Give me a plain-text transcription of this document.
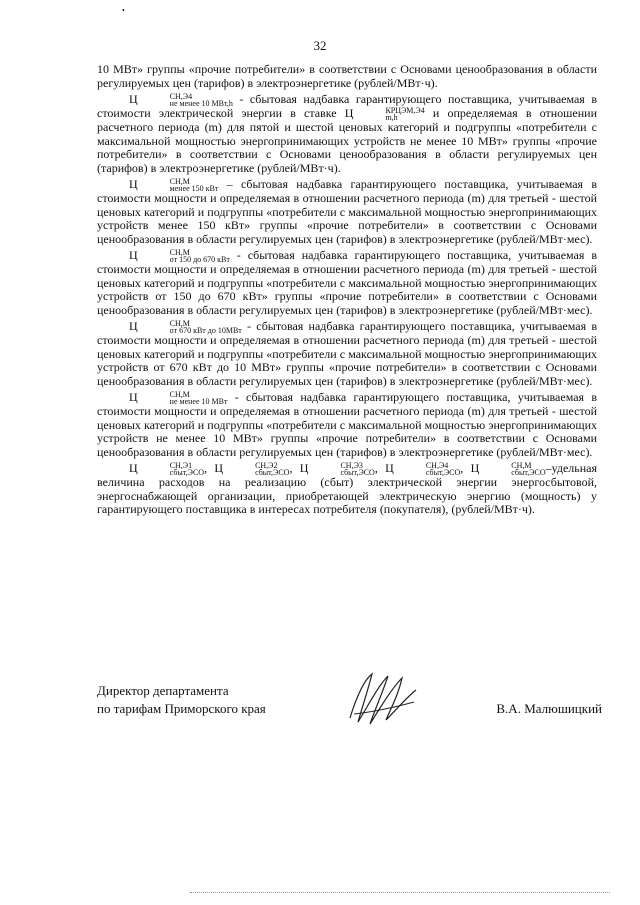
•
32

10 МВт» группы «прочие потребители» в соответствии с Основами ценообразования в области регулируемых цен (тарифов) в электроэнергетике (рублей/МВт·ч).

Ц	СН,Э4
не менее 10 МВт,h - сбытовая надбавка гарантирующего поставщика, учитываемая в стоимости электрической энергии в ставке Ц	КРЦЭМ,Э4
m,h	и определяемая в отношении расчетного периода (m) для пятой и шестой ценовых категорий и подгруппы «потребители с максимальной мощностью энергопринимающих устройств не менее 10 МВт» группы «прочие потребители» в соответствии с Основами ценообразования в области регулируемых цен (тарифов) в электроэнергетике (рублей/МВт·ч).

Ц	СН,М
менее 150 кВт – сбытовая надбавка гарантирующего поставщика, учитываемая в стоимости мощности и определяемая в отношении расчетного периода (m) для третьей - шестой ценовых категорий и подгруппы «потребители с максимальной мощностью энергопринимающих устройств менее 150 кВт» группы «прочие потребители» в соответствии с Основами ценообразования в области регулируемых цен (тарифов) в электроэнергетике (рублей/МВт·мес).

Ц	СН,М
от 150 до 670 кВт - сбытовая надбавка гарантирующего поставщика, учитываемая в стоимости мощности и определяемая в отношении расчетного периода (m) для третьей - шестой ценовых категорий и подгруппы «потребители с максимальной мощностью энергопринимающих устройств от 150 до 670 кВт» группы «прочие потребители» в соответствии с Основами ценообразования в области регулируемых цен (тарифов) в электроэнергетике (рублей/МВт·мес).

Ц	СН,М
от 670 кВт до 10МВт - сбытовая надбавка гарантирующего поставщика, учитываемая в стоимости мощности и определяемая в отношении расчетного периода (m) для третьей - шестой ценовых категорий и подгруппы «потребители с максимальной мощностью энергопринимающих устройств от 670 кВт до 10 МВт» группы «прочие потребители» в соответствии с Основами ценообразования в области регулируемых цен (тарифов) в электроэнергетике (рублей/МВт·мес).

Ц	СН,М
не менее 10 МВт - сбытовая надбавка гарантирующего поставщика, учитываемая в стоимости мощности и определяемая в отношении расчетного периода (m) для третьей - шестой ценовых категорий и подгруппы «потребители с максимальной мощностью энергопринимающих устройств не менее 10 МВт» группы «прочие потребители» в соответствии с Основами ценообразования в области регулируемых цен (тарифов) в электроэнергетике (рублей/МВт·мес).

Ц	СН,Э1
сбыт,ЭСО , Ц	СН,Э2
сбыт,ЭСО , Ц	СН,Э3
сбыт,ЭСО , Ц	СН,Э4
сбыт,ЭСО , Ц	СН,М
сбыт,ЭСО –удельная величина расходов на реализацию (сбыт) электрической энергии энергосбытовой, энергоснабжающей организации, приобретающей электрическую энергию (мощность) у гарантирующего поставщика в интересах потребителя (покупателя), (рублей/МВт·ч).

Директор департамента
по тарифам Приморского края	В.А. Малюшицкий
